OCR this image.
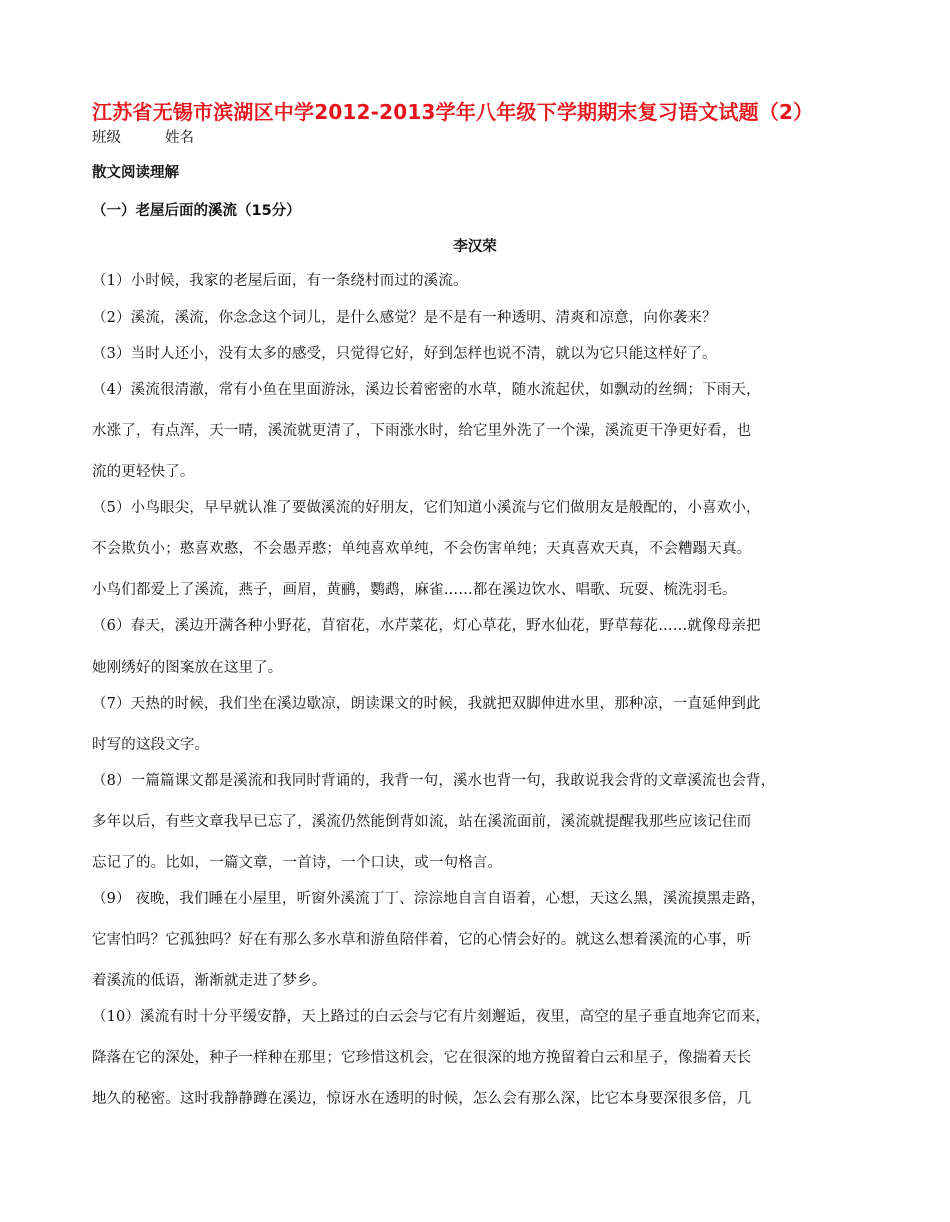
江苏省无锡市滨湖区中学2012-2013学年八年级下学期期末复习语文试题（2）
班级	姓名
散文阅读理解
（一）老屋后面的溪流（15分）
李汉荣
（1）小时候，我家的老屋后面，有一条绕村而过的溪流。
（2）溪流，溪流，你念念这个词儿，是什么感觉？是不是有一种透明、清爽和凉意，向你袭来？
（3）当时人还小，没有太多的感受，只觉得它好，好到怎样也说不清，就以为它只能这样好了。
（4）溪流很清澈，常有小鱼在里面游泳，溪边长着密密的水草，随水流起伏，如飘动的丝绸；下雨天，
水涨了，有点浑，天一晴，溪流就更清了，下雨涨水时，给它里外洗了一个澡，溪流更干净更好看，也
流的更轻快了。
（5）小鸟眼尖，早早就认准了要做溪流的好朋友，它们知道小溪流与它们做朋友是般配的，小喜欢小，
不会欺负小；憨喜欢憨，不会愚弄憨；单纯喜欢单纯，不会伤害单纯；天真喜欢天真，不会糟蹋天真。
小鸟们都爱上了溪流，燕子，画眉，黄鹂，鹦鹉，麻雀……都在溪边饮水、唱歌、玩耍、梳洗羽毛。
（6）春天，溪边开满各种小野花，苜宿花，水芹菜花，灯心草花，野水仙花，野草莓花……就像母亲把
她刚绣好的图案放在这里了。
（7）天热的时候，我们坐在溪边歇凉，朗读课文的时候，我就把双脚伸进水里，那种凉，一直延伸到此
时写的这段文字。
（8）一篇篇课文都是溪流和我同时背诵的，我背一句，溪水也背一句，我敢说我会背的文章溪流也会背，
多年以后，有些文章我早已忘了，溪流仍然能倒背如流，站在溪流面前，溪流就提醒我那些应该记住而
忘记了的。比如，一篇文章，一首诗，一个口诀，或一句格言。
（9） 夜晚，我们睡在小屋里，听窗外溪流丁丁、淙淙地自言自语着，心想，天这么黑，溪流摸黑走路，
它害怕吗？它孤独吗？好在有那么多水草和游鱼陪伴着，它的心情会好的。就这么想着溪流的心事，听
着溪流的低语，渐渐就走进了梦乡。
（10）溪流有时十分平缓安静，天上路过的白云会与它有片刻邂逅，夜里，高空的星子垂直地奔它而来，
降落在它的深处，种子一样种在那里；它珍惜这机会，它在很深的地方挽留着白云和星子，像揣着天长
地久的秘密。这时我静静蹲在溪边，惊讶水在透明的时候，怎么会有那么深，比它本身要深很多倍，几
